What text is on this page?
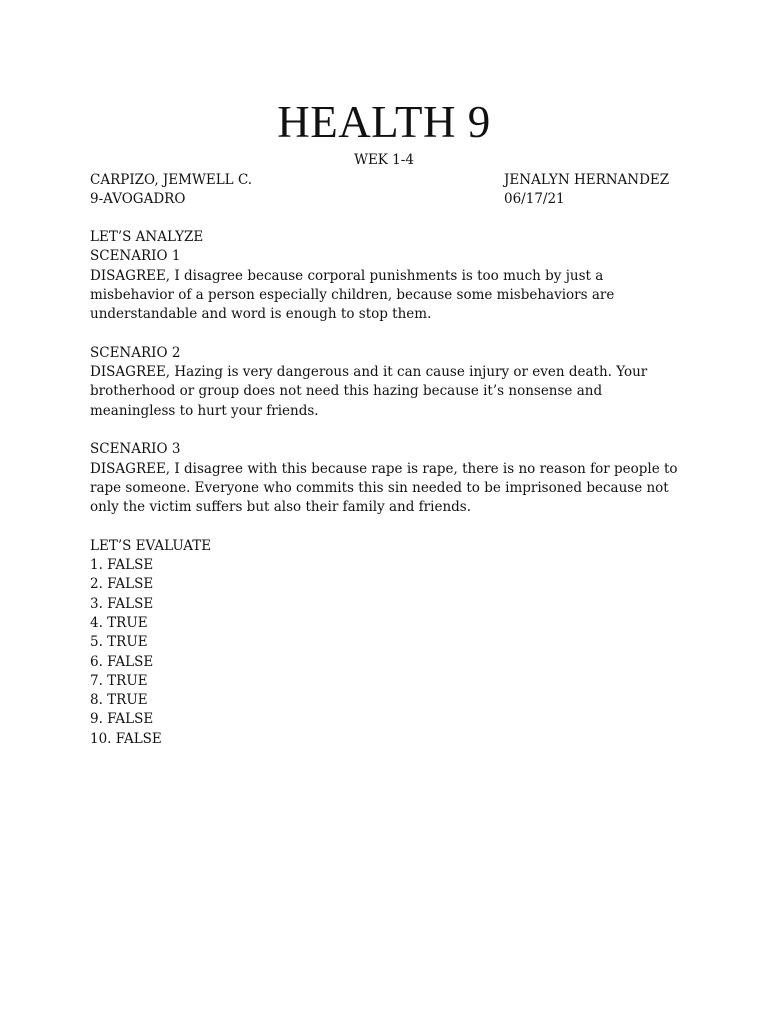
HEALTH 9
WEK 1-4
CARPIZO, JEMWELL C.	JENALYN HERNANDEZ
9-AVOGADRO	06/17/21

LET’S ANALYZE

SCENARIO 1

DISAGREE, I disagree because corporal punishments is too much by just a misbehavior of a person especially children, because some misbehaviors are understandable and word is enough to stop them.

SCENARIO 2

DISAGREE, Hazing is very dangerous and it can cause injury or even death. Your brotherhood or group does not need this hazing because it’s nonsense and meaningless to hurt your friends.

SCENARIO 3

DISAGREE, I disagree with this because rape is rape, there is no reason for people to rape someone. Everyone who commits this sin needed to be imprisoned because not only the victim suffers but also their family and friends.

LET’S EVALUATE

1. FALSE
2. FALSE
3. FALSE
4. TRUE
5. TRUE
6. FALSE
7. TRUE
8. TRUE
9. FALSE
10. FALSE
